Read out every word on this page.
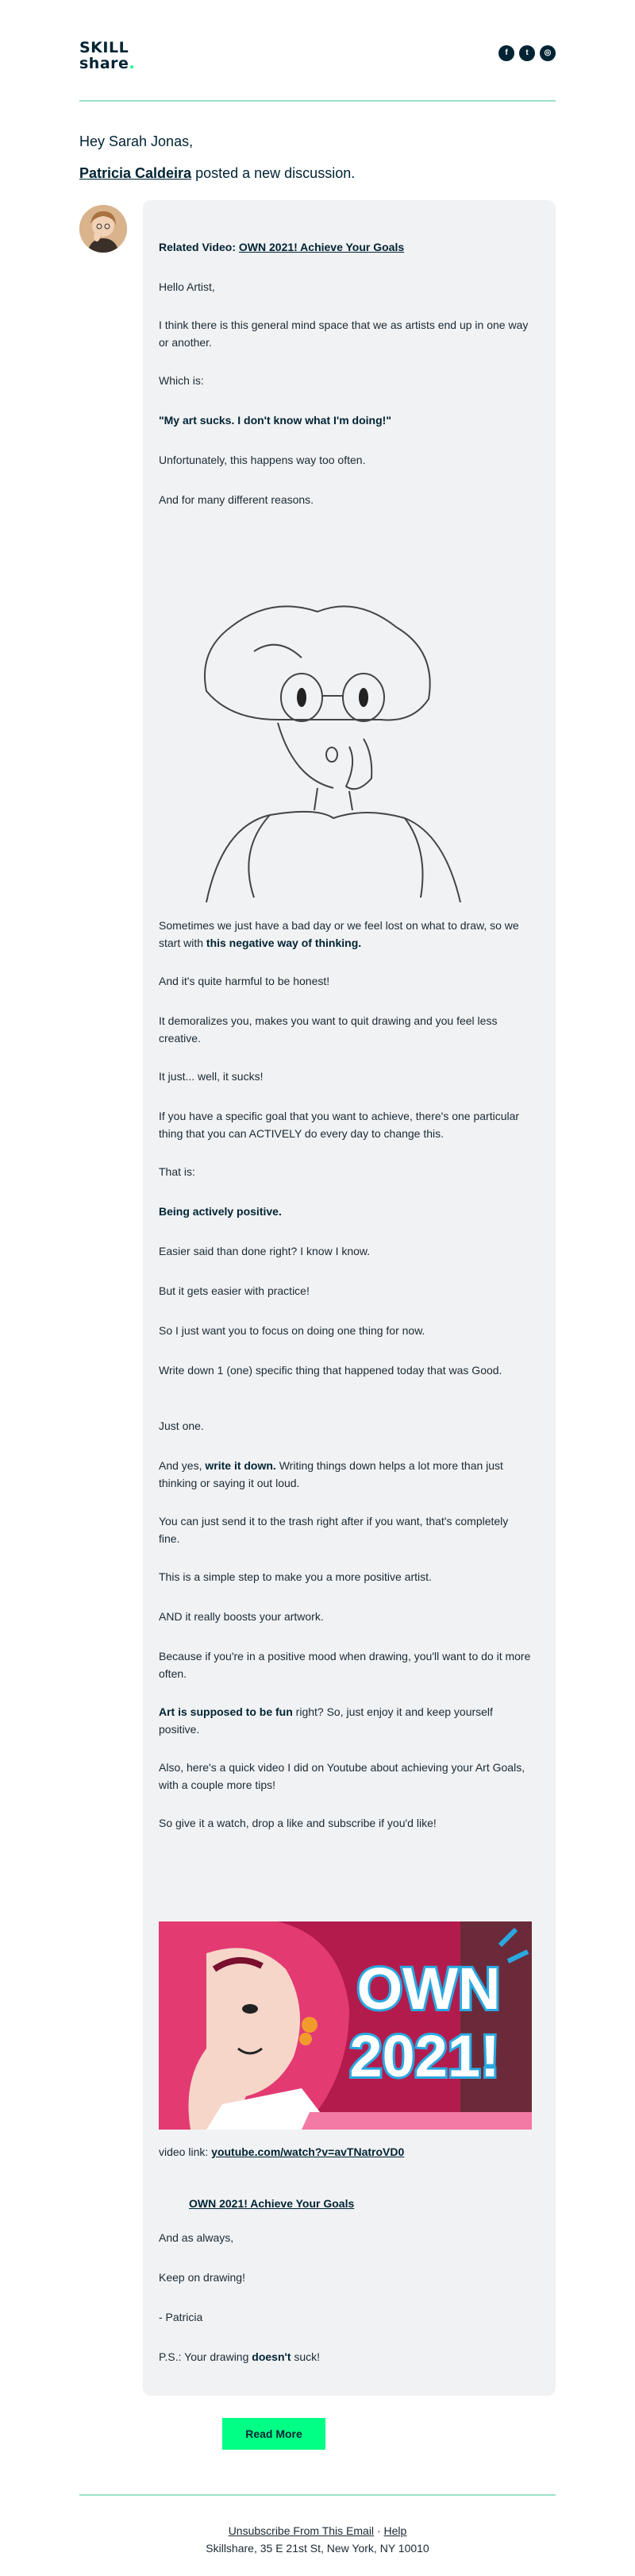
SKILL
share.
f	t	◎
Hey Sarah Jonas,
Patricia Caldeira posted a new discussion.
Related Video: OWN 2021! Achieve Your Goals
Hello Artist,
I think there is this general mind space that we as artists end up in one way or another.
Which is:
"My art sucks. I don't know what I'm doing!"
Unfortunately, this happens way too often.
And for many different reasons.
Sometimes we just have a bad day or we feel lost on what to draw, so we start with this negative way of thinking.
And it's quite harmful to be honest!
It demoralizes you, makes you want to quit drawing and you feel less creative.
It just... well, it sucks!
If you have a specific goal that you want to achieve, there's one particular thing that you can ACTIVELY do every day to change this.
That is:
Being actively positive.
Easier said than done right? I know I know.
But it gets easier with practice!
So I just want you to focus on doing one thing for now.
Write down 1 (one) specific thing that happened today that was Good.
Just one.
And yes, write it down. Writing things down helps a lot more than just thinking or saying it out loud.
You can just send it to the trash right after if you want, that's completely fine.
This is a simple step to make you a more positive artist.
AND it really boosts your artwork.
Because if you're in a positive mood when drawing, you'll want to do it more often.
Art is supposed to be fun right? So, just enjoy it and keep yourself positive.
Also, here's a quick video I did on Youtube about achieving your Art Goals, with a couple more tips!
So give it a watch, drop a like and subscribe if you'd like!
OWN
2021!
video link: youtube.com/watch?v=avTNatroVD0
OWN 2021! Achieve Your Goals
And as always,
Keep on drawing!
- Patricia
P.S.: Your drawing doesn't suck!
Read More
Unsubscribe From This Email · Help
Skillshare, 35 E 21st St, New York, NY 10010
